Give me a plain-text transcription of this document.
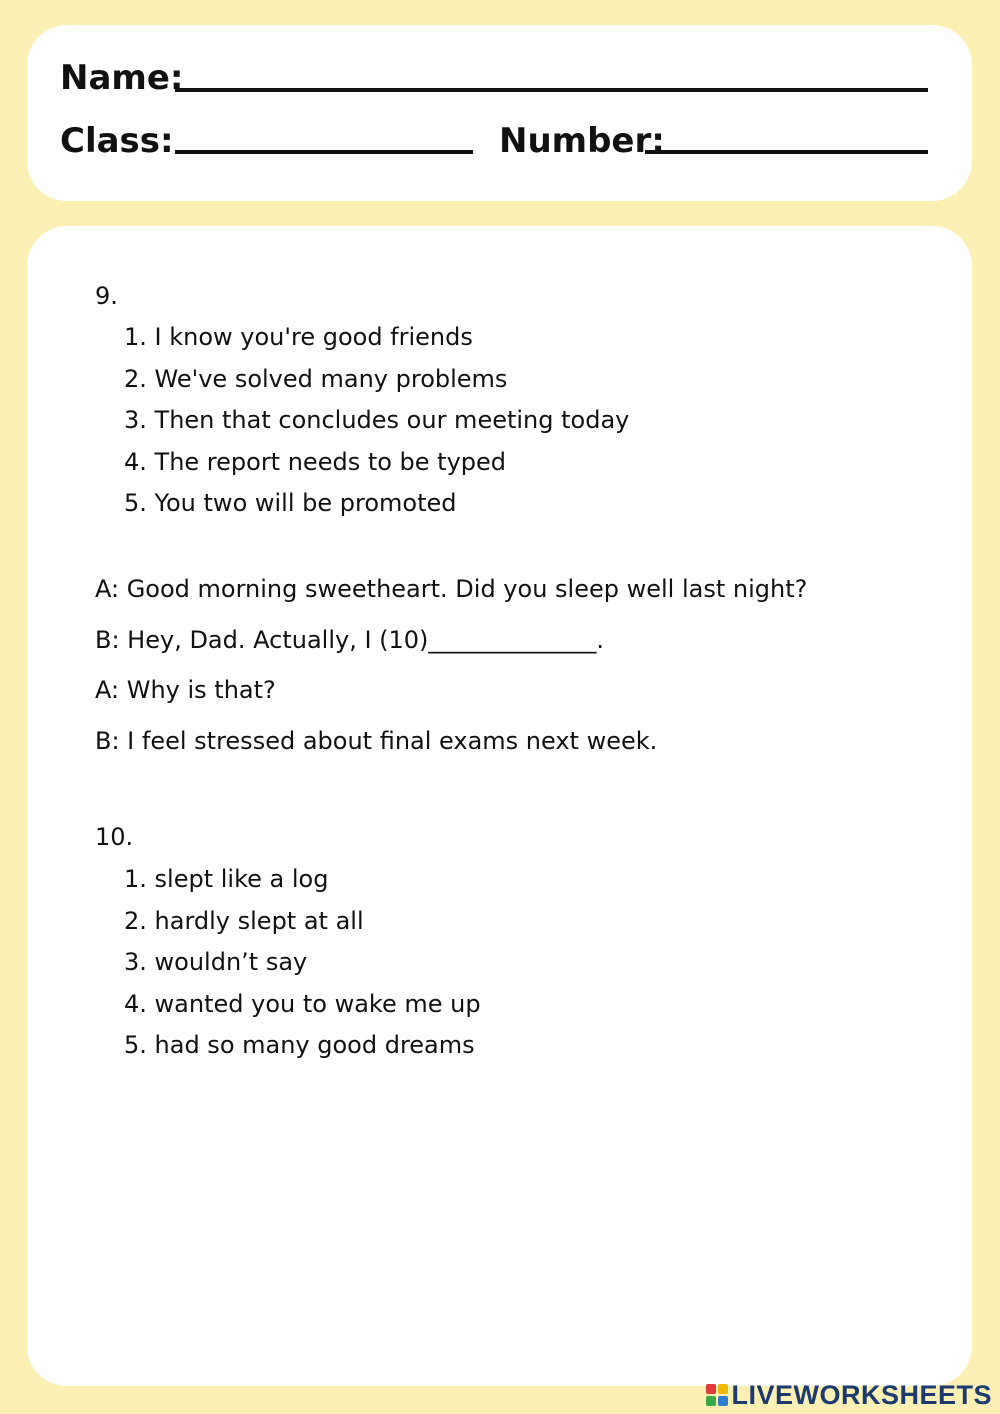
Name:
Class:	Number:
9.
1. I know you're good friends
2. We've solved many problems
3. Then that concludes our meeting today
4. The report needs to be typed
5. You two will be promoted
A: Good morning sweetheart. Did you sleep well last night?
B: Hey, Dad. Actually, I (10)______________.
A: Why is that?
B: I feel stressed about final exams next week.
10.
1. slept like a log
2. hardly slept at all
3. wouldn’t say
4. wanted you to wake me up
5. had so many good dreams
LIVEWORKSHEETS
